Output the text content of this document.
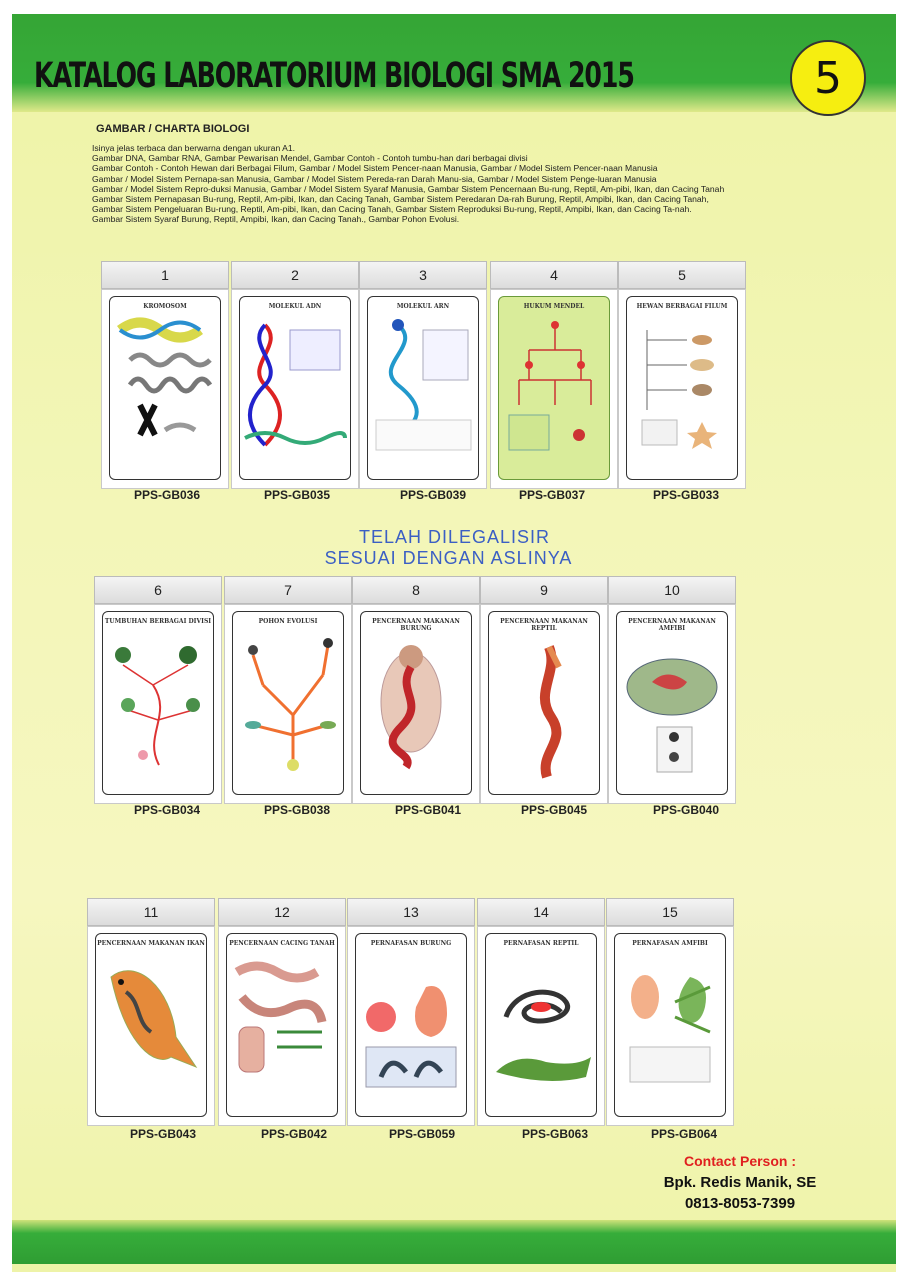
KATALOG LABORATORIUM BIOLOGI SMA 2015	5
GAMBAR / CHARTA BIOLOGI
Isinya jelas terbaca dan berwarna dengan ukuran A1.
Gambar DNA, Gambar RNA, Gambar Pewarisan Mendel, Gambar Contoh - Contoh tumbu-han dari berbagai divisi
Gambar Contoh - Contoh Hewan dari Berbagai Filum, Gambar / Model Sistem Pencer-naan Manusia, Gambar / Model Sistem Pencer-naan Manusia
Gambar / Model Sistem Pernapa-san Manusia, Gambar / Model Sistem Pereda-ran Darah Manu-sia, Gambar / Model Sistem Penge-luaran Manusia
Gambar / Model Sistem Repro-duksi Manusia, Gambar / Model Sistem Syaraf Manusia, Gambar Sistem Pencernaan Bu-rung, Reptil, Am-pibi, Ikan, dan Cacing Tanah
Gambar Sistem Pernapasan Bu-rung, Reptil, Am-pibi, Ikan, dan Cacing Tanah, Gambar Sistem Peredaran Da-rah Burung, Reptil, Ampibi, Ikan, dan Cacing Tanah,
Gambar Sistem Pengeluaran Bu-rung, Reptil, Am-pibi, Ikan, dan Cacing Tanah, Gambar Sistem Reproduksi Bu-rung, Reptil, Ampibi, Ikan, dan Cacing Ta-nah.
Gambar Sistem Syaraf Burung, Reptil, Ampibi, Ikan, dan Cacing Tanah., Gambar Pohon Evolusi.
TELAH DILEGALISIR
SESUAI DENGAN ASLINYA
1
KROMOSOM
2
MOLEKUL ADN
3
MOLEKUL ARN
4
HUKUM MENDEL
5
HEWAN BERBAGAI FILUM
PPS-GB036	PPS-GB035	PPS-GB039	PPS-GB037	PPS-GB033
6
TUMBUHAN BERBAGAI DIVISI
7
POHON EVOLUSI
8
PENCERNAAN MAKANAN BURUNG
9
PENCERNAAN MAKANAN REPTIL
10
PENCERNAAN MAKANAN AMFIBI
PPS-GB034	PPS-GB038	PPS-GB041	PPS-GB045	PPS-GB040
11
PENCERNAAN MAKANAN IKAN
12
PENCERNAAN CACING TANAH
13
PERNAFASAN BURUNG
14
PERNAFASAN REPTIL
15
PERNAFASAN AMFIBI
PPS-GB043	PPS-GB042	PPS-GB059	PPS-GB063	PPS-GB064
Contact Person :
Bpk. Redis Manik, SE
0813-8053-7399
